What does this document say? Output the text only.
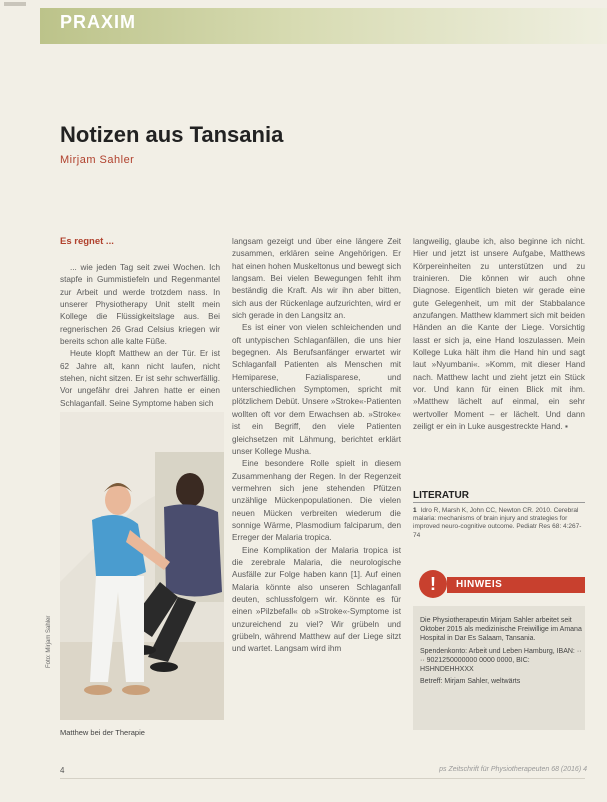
PRAXIM
Notizen aus Tansania
Mirjam Sahler
Es regnet ...

... wie jeden Tag seit zwei Wochen. Ich stapfe in Gummistiefeln und Regenmantel zur Arbeit und werde trotzdem nass. In unserer Physiotherapy Unit stellt mein Kollege die Flüssigkeitslage aus. Bei regnerischen 26 Grad Celsius kriegen wir bereits schon alle kalte Füße.

Heute klopft Matthew an der Tür. Er ist 62 Jahre alt, kann nicht laufen, nicht stehen, nicht sitzen. Er ist sehr schwerfällig. Vor ungefähr drei Jahren hatte er einen Schlaganfall. Seine Symptome haben sich

Foto: Mirjam Sahler
Matthew bei der Therapie

langsam gezeigt und über eine längere Zeit zusammen, erklären seine Angehörigen. Er hat einen hohen Muskeltonus und bewegt sich langsam. Bei vielen Bewegungen fehlt ihm beständig die Kraft. Als wir ihn aber bitten, sich aus der Rückenlage aufzurichten, wird er sich gerade in den Langsitz an.

Es ist einer von vielen schleichenden und oft untypischen Schlaganfällen, die uns hier begegnen. Als Berufsanfänger erwartet wir Schlaganfall Patienten als Menschen mit Hemiparese, Fazialisparese, und unterschiedlichen Symptomen, spricht mit plötzlichem Debüt. Unsere »Stroke«-Patienten wollten oft vor dem Erwachsen ab. »Stroke« ist ein Begriff, den viele Patienten gleichsetzen mit Lähmung, berichtet erklärt unser Kollege Musha.

Eine besondere Rolle spielt in diesem Zusammenhang der Regen. In der Regenzeit vermehren sich jene stehenden Pfützen unzählige Mückenpopulationen. Die vielen neuen Mücken verbreiten wiederum die sonnige Wärme, Plasmodium falciparum, den Erreger der Malaria tropica.

Eine Komplikation der Malaria tropica ist die zerebrale Malaria, die neurologische Ausfälle zur Folge haben kann [1]. Auf einen Malaria könnte also unseren Schlaganfall deuten, schlussfolgern wir. Könnte es für einen »Pilzbefall« ob »Stroke«-Symptome ist unzureichend zu viel? Wir grübeln und grübeln, während Matthew auf der Liege sitzt und wartet. Langsam wird ihm

langweilig, glaube ich, also beginne ich nicht. Hier und jetzt ist unsere Aufgabe, Matthews Körpereinheiten zu unterstützen und zu trainieren. Die können wir auch ohne Diagnose. Eigentlich bieten wir gerade eine gute Gelegenheit, um mit der Stabbalance anzufangen. Matthew klammert sich mit beiden Händen an die Kante der Liege. Vorsichtig lasst er sich ja, eine Hand loszulassen. Mein Kollege Luka hält ihm die Hand hin und sagt laut »Nyumbani«. »Komm, mit dieser Hand nach. Matthew lacht und zieht jetzt ein Stück vor. Und kann für einen Blick mit ihm. »Matthew lächelt auf einmal, ein sehr wertvoller Moment – er lächelt. Und dann zeiligt er ein in Luke ausgestreckte Hand. ▪

LITERATUR
1 Idro R, Marsh K, John CC, Newton CR. 2010. Cerebral malaria: mechanisms of brain injury and strategies for improved neuro-cognitive outcome. Pediatr Res 68: 4:267-74
!	HINWEIS

Die Physiotherapeutin Mirjam Sahler arbeitet seit Oktober 2015 als medizinische Freiwillige im Amana Hospital in Dar Es Salaam, Tansania.

Spendenkonto: Arbeit und Leben Hamburg, IBAN: ·· ·· 9021250000000 0000 0000, BIC: HSHNDEHHXXX

Betreff: Mirjam Sahler, weltwärts

4	ps Zeitschrift für Physiotherapeuten 68 (2016) 4
